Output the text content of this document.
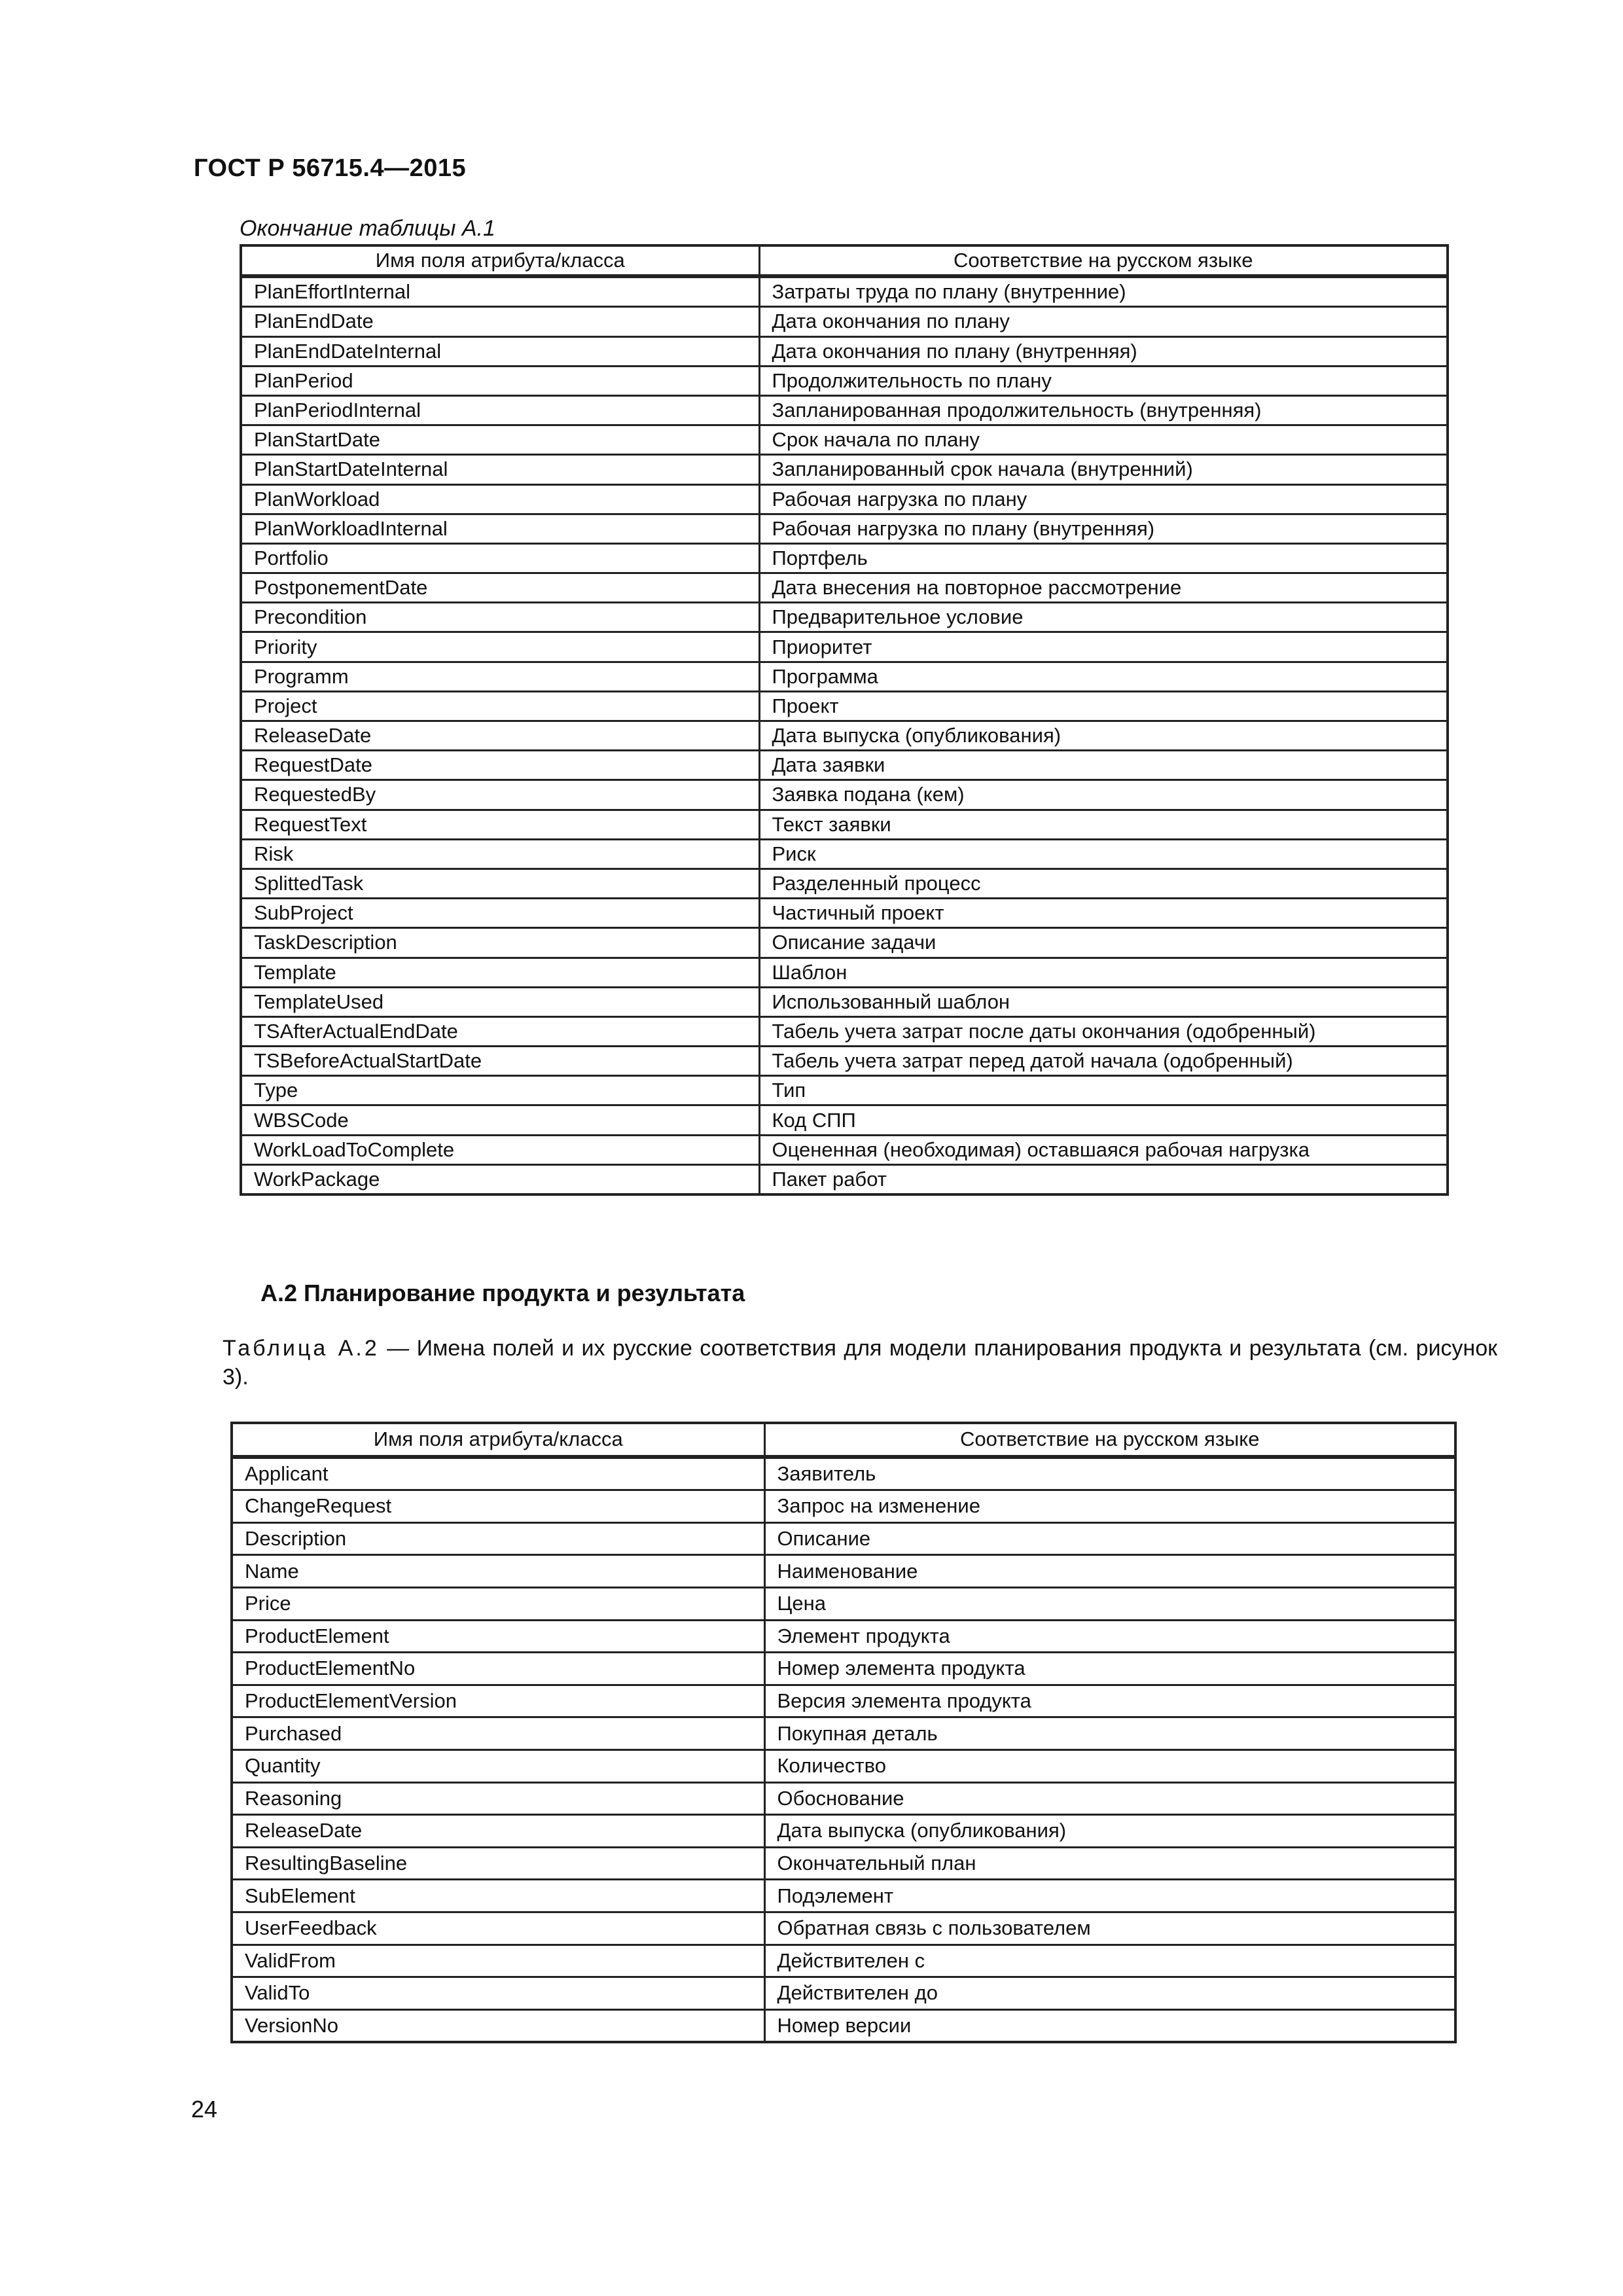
ГОСТ Р 56715.4—2015
Окончание таблицы А.1
Имя поля атрибута/класса	Соответствие на русском языке
PlanEffortInternal	Затраты труда по плану (внутренние)
PlanEndDate	Дата окончания по плану
PlanEndDateInternal	Дата окончания по плану (внутренняя)
PlanPeriod	Продолжительность по плану
PlanPeriodInternal	Запланированная продолжительность (внутренняя)
PlanStartDate	Срок начала по плану
PlanStartDateInternal	Запланированный срок начала (внутренний)
PlanWorkload	Рабочая нагрузка по плану
PlanWorkloadInternal	Рабочая нагрузка по плану (внутренняя)
Portfolio	Портфель
PostponementDate	Дата внесения на повторное рассмотрение
Precondition	Предварительное условие
Priority	Приоритет
Programm	Программа
Project	Проект
ReleaseDate	Дата выпуска (опубликования)
RequestDate	Дата заявки
RequestedBy	Заявка подана (кем)
RequestText	Текст заявки
Risk	Риск
SplittedTask	Разделенный процесс
SubProject	Частичный проект
TaskDescription	Описание задачи
Template	Шаблон
TemplateUsed	Использованный шаблон
TSAfterActualEndDate	Табель учета затрат после даты окончания (одобренный)
TSBeforeActualStartDate	Табель учета затрат перед датой начала (одобренный)
Type	Тип
WBSCode	Код СПП
WorkLoadToComplete	Оцененная (необходимая) оставшаяся рабочая нагрузка
WorkPackage	Пакет работ
А.2 Планирование продукта и результата
Таблица А.2 — Имена полей и их русские соответствия для модели планирования продукта и результата (см. рисунок 3).
Имя поля атрибута/класса	Соответствие на русском языке
Applicant	Заявитель
ChangeRequest	Запрос на изменение
Description	Описание
Name	Наименование
Price	Цена
ProductElement	Элемент продукта
ProductElementNo	Номер элемента продукта
ProductElementVersion	Версия элемента продукта
Purchased	Покупная деталь
Quantity	Количество
Reasoning	Обоснование
ReleaseDate	Дата выпуска (опубликования)
ResultingBaseline	Окончательный план
SubElement	Подэлемент
UserFeedback	Обратная связь с пользователем
ValidFrom	Действителен с
ValidTo	Действителен до
VersionNo	Номер версии
24
